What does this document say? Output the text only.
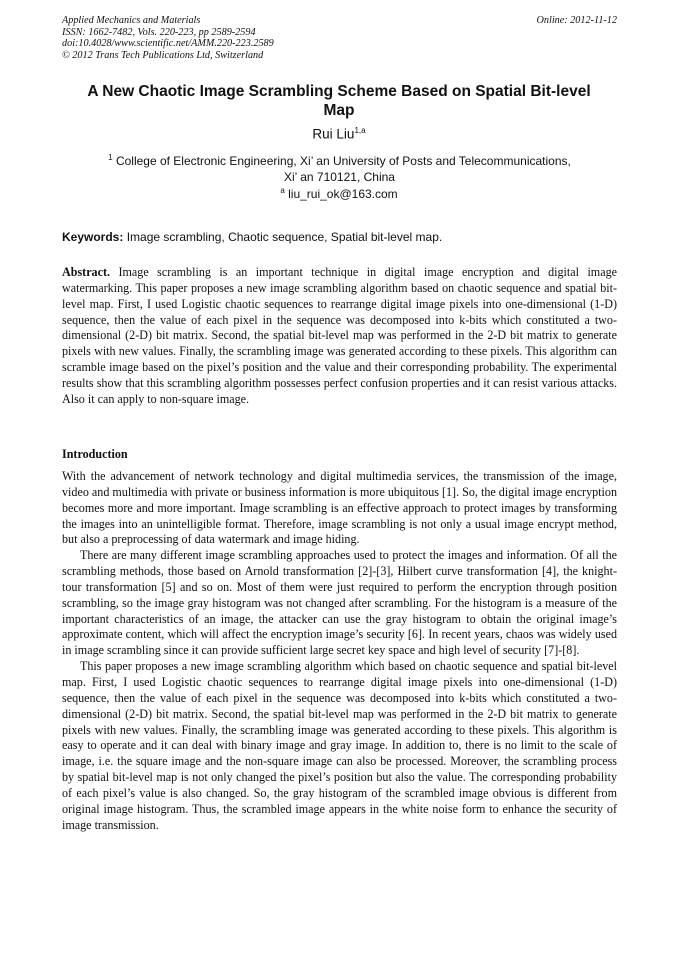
Applied Mechanics and Materials
ISSN: 1662-7482, Vols. 220-223, pp 2589-2594
doi:10.4028/www.scientific.net/AMM.220-223.2589
© 2012 Trans Tech Publications Ltd, Switzerland
Online: 2012-11-12
A New Chaotic Image Scrambling Scheme Based on Spatial Bit-level Map
Rui Liu$^{1,a}$
$^1$ College of Electronic Engineering, Xi’ an University of Posts and Telecommunications,
Xi’ an 710121, China
$^a$ liu_rui_ok@163.com
Keywords: Image scrambling, Chaotic sequence, Spatial bit-level map.

Abstract. Image scrambling is an important technique in digital image encryption and digital image watermarking. This paper proposes a new image scrambling algorithm based on chaotic sequence and spatial bit-level map. First, I used Logistic chaotic sequences to rearrange digital image pixels into one-dimensional (1-D) sequence, then the value of each pixel in the sequence was decomposed into k-bits which constituted a two-dimensional (2-D) bit matrix. Second, the spatial bit-level map was performed in the 2-D bit matrix to generate pixels with new values. Finally, the scrambling image was generated according to these pixels. This algorithm can scramble image based on the pixel’s position and the value and their corresponding probability. The experimental results show that this scrambling algorithm possesses perfect confusion properties and it can resist various attacks. Also it can apply to non-square image.

Introduction

With the advancement of network technology and digital multimedia services, the transmission of the image, video and multimedia with private or business information is more ubiquitous [1]. So, the digital image encryption becomes more and more important. Image scrambling is an effective approach to protect images by transforming the images into an unintelligible format. Therefore, image scrambling is not only a usual image encrypt method, but also a preprocessing of data watermark and image hiding.

There are many different image scrambling approaches used to protect the images and information. Of all the scrambling methods, those based on Arnold transformation [2]-[3], Hilbert curve transformation [4], the knight-tour transformation [5] and so on. Most of them were just required to perform the encryption through position scrambling, so the image gray histogram was not changed after scrambling. For the histogram is a measure of the important characteristics of an image, the attacker can use the gray histogram to obtain the original image’s approximate content, which will affect the encryption image’s security [6]. In recent years, chaos was widely used in image scrambling since it can provide sufficient large secret key space and high level of security [7]-[8].

This paper proposes a new image scrambling algorithm which based on chaotic sequence and spatial bit-level map. First, I used Logistic chaotic sequences to rearrange digital image pixels into one-dimensional (1-D) sequence, then the value of each pixel in the sequence was decomposed into k-bits which constituted a two-dimensional (2-D) bit matrix. Second, the spatial bit-level map was performed in the 2-D bit matrix to generate pixels with new values. Finally, the scrambling image was generated according to these pixels. This algorithm is easy to operate and it can deal with binary image and gray image. In addition to, there is no limit to the scale of image, i.e. the square image and the non-square image can also be processed. Moreover, the scrambling process by spatial bit-level map is not only changed the pixel’s position but also the value. The corresponding probability of each pixel’s value is also changed. So, the gray histogram of the scrambled image obvious is different from original image histogram. Thus, the scrambled image appears in the white noise form to enhance the security of image transmission.
